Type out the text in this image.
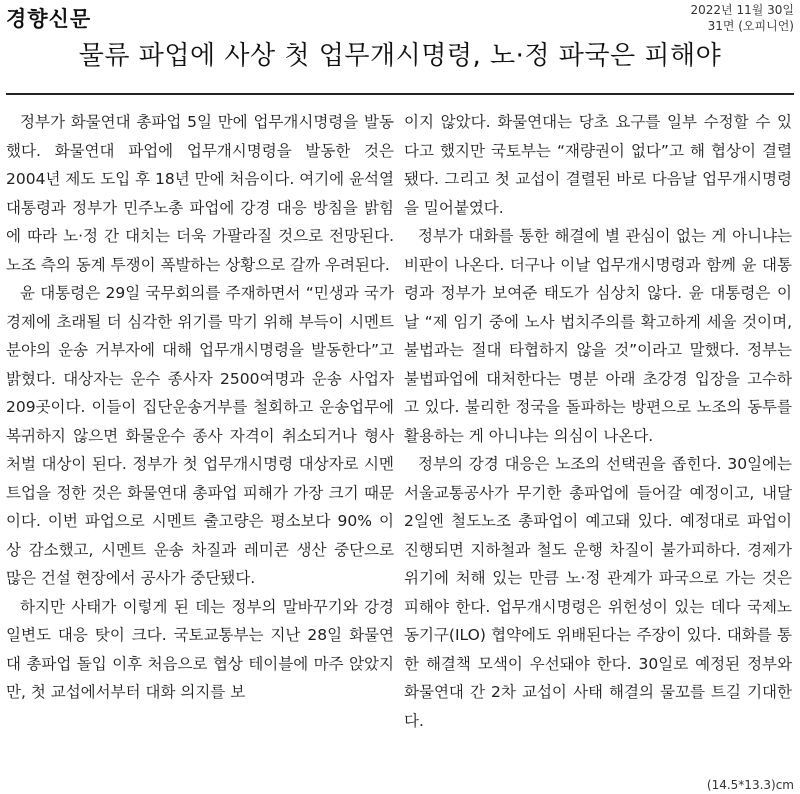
경향신문	2022년 11월 30일
31면 (오피니언)
물류 파업에 사상 첫 업무개시명령, 노·정 파국은 피해야

정부가 화물연대 총파업 5일 만에 업무개시명령을 발동했다. 화물연대 파업에 업무개시명령을 발동한 것은 2004년 제도 도입 후 18년 만에 처음이다. 여기에 윤석열 대통령과 정부가 민주노총 파업에 강경 대응 방침을 밝힘에 따라 노·정 간 대치는 더욱 가팔라질 것으로 전망된다. 노조 측의 동계 투쟁이 폭발하는 상황으로 갈까 우려된다.

윤 대통령은 29일 국무회의를 주재하면서 “민생과 국가경제에 초래될 더 심각한 위기를 막기 위해 부득이 시멘트 분야의 운송 거부자에 대해 업무개시명령을 발동한다”고 밝혔다. 대상자는 운수 종사자 2500여명과 운송 사업자 209곳이다. 이들이 집단운송거부를 철회하고 운송업무에 복귀하지 않으면 화물운수 종사 자격이 취소되거나 형사처벌 대상이 된다. 정부가 첫 업무개시명령 대상자로 시멘트업을 정한 것은 화물연대 총파업 피해가 가장 크기 때문이다. 이번 파업으로 시멘트 출고량은 평소보다 90% 이상 감소했고, 시멘트 운송 차질과 레미콘 생산 중단으로 많은 건설 현장에서 공사가 중단됐다.

하지만 사태가 이렇게 된 데는 정부의 말바꾸기와 강경 일변도 대응 탓이 크다. 국토교통부는 지난 28일 화물연대 총파업 돌입 이후 처음으로 협상 테이블에 마주 앉았지만, 첫 교섭에서부터 대화 의지를 보

이지 않았다. 화물연대는 당초 요구를 일부 수정할 수 있다고 했지만 국토부는 “재량권이 없다”고 해 협상이 결렬됐다. 그리고 첫 교섭이 결렬된 바로 다음날 업무개시명령을 밀어붙였다.

정부가 대화를 통한 해결에 별 관심이 없는 게 아니냐는 비판이 나온다. 더구나 이날 업무개시명령과 함께 윤 대통령과 정부가 보여준 태도가 심상치 않다. 윤 대통령은 이날 “제 임기 중에 노사 법치주의를 확고하게 세울 것이며, 불법과는 절대 타협하지 않을 것”이라고 말했다. 정부는 불법파업에 대처한다는 명분 아래 초강경 입장을 고수하고 있다. 불리한 정국을 돌파하는 방편으로 노조의 동투를 활용하는 게 아니냐는 의심이 나온다.

정부의 강경 대응은 노조의 선택권을 좁힌다. 30일에는 서울교통공사가 무기한 총파업에 들어갈 예정이고, 내달 2일엔 철도노조 총파업이 예고돼 있다. 예정대로 파업이 진행되면 지하철과 철도 운행 차질이 불가피하다. 경제가 위기에 처해 있는 만큼 노·정 관계가 파국으로 가는 것은 피해야 한다. 업무개시명령은 위헌성이 있는 데다 국제노동기구(ILO) 협약에도 위배된다는 주장이 있다. 대화를 통한 해결책 모색이 우선돼야 한다. 30일로 예정된 정부와 화물연대 간 2차 교섭이 사태 해결의 물꼬를 트길 기대한다.

(14.5*13.3)cm
